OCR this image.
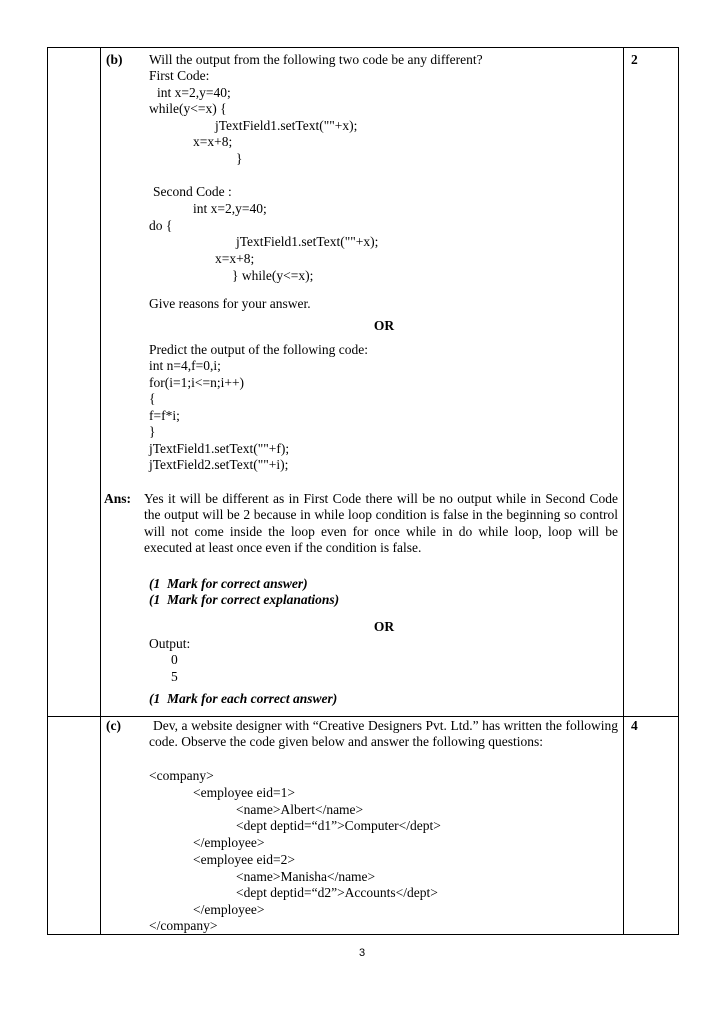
(b)	2
Will the output from the following two code be any different?
First Code:
int x=2,y=40;
while(y<=x) {
jTextField1.setText(""+x);
x=x+8;
}
Second Code :
int x=2,y=40;
do {
jTextField1.setText(""+x);
x=x+8;
} while(y<=x);
Give reasons for your answer.
OR
Predict the output of the following code:
int n=4,f=0,i;
for(i=1;i<=n;i++)
{
f=f*i;
}
jTextField1.setText(""+f);
jTextField2.setText(""+i);
Ans: Yes it will be different as in First Code there will be no output while in Second Code the output will be 2 because in while loop condition is false in the beginning so control will not come inside the loop even for once while in do while loop, loop will be executed at least once even if the condition is false.
(1  Mark for correct answer)
(1  Mark for correct explanations)
OR
Output:
0
5
(1  Mark for each correct answer)
(c)	4
Dev, a website designer with “Creative Designers Pvt. Ltd.” has written the following code. Observe the code given below and answer the following questions:
<company>
<employee eid=1>
<name>Albert</name>
<dept deptid=“d1”>Computer</dept>
</employee>
<employee eid=2>
<name>Manisha</name>
<dept deptid=“d2”>Accounts</dept>
</employee>
</company>
3
